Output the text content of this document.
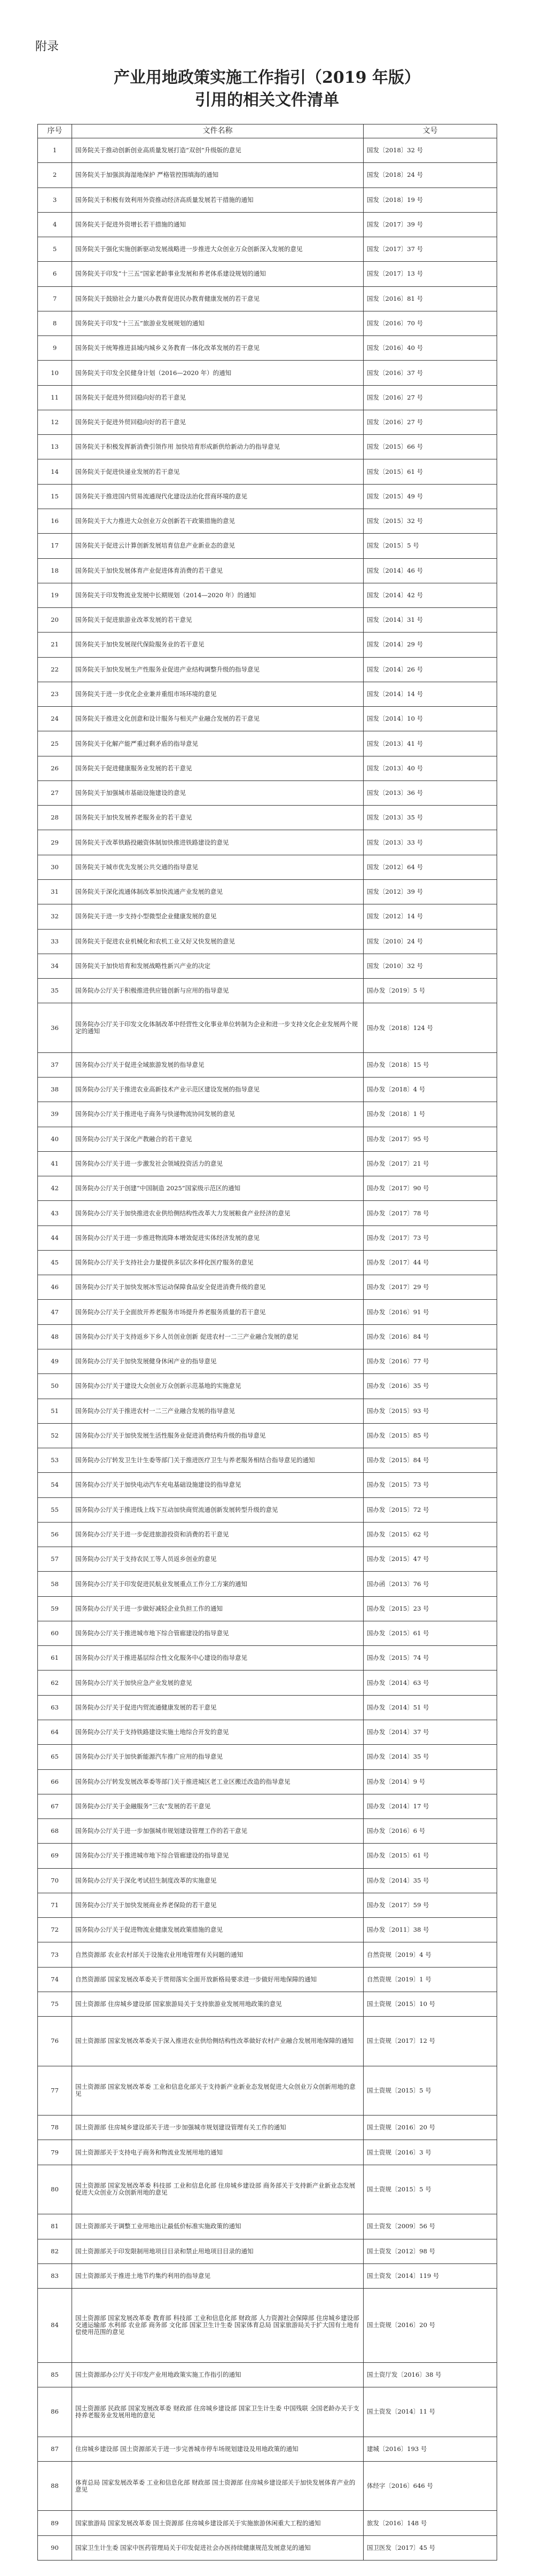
附录
产业用地政策实施工作指引（2019 年版）
引用的相关文件清单
序号	文件名称	文号
1	国务院关于推动创新创业高质量发展打造“双创”升级版的意见	国发〔2018〕32 号
2	国务院关于加强滨海湿地保护 严格管控围填海的通知	国发〔2018〕24 号
3	国务院关于积极有效利用外资推动经济高质量发展若干措施的通知	国发〔2018〕19 号
4	国务院关于促进外资增长若干措施的通知	国发〔2017〕39 号
5	国务院关于强化实施创新驱动发展战略进一步推进大众创业万众创新深入发展的意见	国发〔2017〕37 号
6	国务院关于印发“十三五”国家老龄事业发展和养老体系建设规划的通知	国发〔2017〕13 号
7	国务院关于鼓励社会力量兴办教育促进民办教育健康发展的若干意见	国发〔2016〕81 号
8	国务院关于印发“十三五”旅游业发展规划的通知	国发〔2016〕70 号
9	国务院关于统筹推进县域内城乡义务教育一体化改革发展的若干意见	国发〔2016〕40 号
10	国务院关于印发全民健身计划（2016—2020 年）的通知	国发〔2016〕37 号
11	国务院关于促进外贸回稳向好的若干意见	国发〔2016〕27 号
12	国务院关于促进外贸回稳向好的若干意见	国发〔2016〕27 号
13	国务院关于积极发挥新消费引领作用 加快培育形成新供给新动力的指导意见	国发〔2015〕66 号
14	国务院关于促进快递业发展的若干意见	国发〔2015〕61 号
15	国务院关于推进国内贸易流通现代化建设法治化营商环境的意见	国发〔2015〕49 号
16	国务院关于大力推进大众创业万众创新若干政策措施的意见	国发〔2015〕32 号
17	国务院关于促进云计算创新发展培育信息产业新业态的意见	国发〔2015〕5 号
18	国务院关于加快发展体育产业促进体育消费的若干意见	国发〔2014〕46 号
19	国务院关于印发物流业发展中长期规划（2014—2020 年）的通知	国发〔2014〕42 号
20	国务院关于促进旅游业改革发展的若干意见	国发〔2014〕31 号
21	国务院关于加快发展现代保险服务业的若干意见	国发〔2014〕29 号
22	国务院关于加快发展生产性服务业促进产业结构调整升级的指导意见	国发〔2014〕26 号
23	国务院关于进一步优化企业兼并重组市场环境的意见	国发〔2014〕14 号
24	国务院关于推进文化创意和设计服务与相关产业融合发展的若干意见	国发〔2014〕10 号
25	国务院关于化解产能严重过剩矛盾的指导意见	国发〔2013〕41 号
26	国务院关于促进健康服务业发展的若干意见	国发〔2013〕40 号
27	国务院关于加强城市基础设施建设的意见	国发〔2013〕36 号
28	国务院关于加快发展养老服务业的若干意见	国发〔2013〕35 号
29	国务院关于改革铁路投融资体制加快推进铁路建设的意见	国发〔2013〕33 号
30	国务院关于城市优先发展公共交通的指导意见	国发〔2012〕64 号
31	国务院关于深化流通体制改革加快流通产业发展的意见	国发〔2012〕39 号
32	国务院关于进一步支持小型微型企业健康发展的意见	国发〔2012〕14 号
33	国务院关于促进农业机械化和农机工业又好又快发展的意见	国发〔2010〕24 号
34	国务院关于加快培育和发展战略性新兴产业的决定	国发〔2010〕32 号
35	国务院办公厅关于积极推进供应链创新与应用的指导意见	国办发〔2019〕5 号
36	国务院办公厅关于印发文化体制改革中经营性文化事业单位转制为企业和进一步支持文化企业发展两个规定的通知	国办发〔2018〕124 号
37	国务院办公厅关于促进全域旅游发展的指导意见	国办发〔2018〕15 号
38	国务院办公厅关于推进农业高新技术产业示范区建设发展的指导意见	国办发〔2018〕4 号
39	国务院办公厅关于推进电子商务与快递物流协同发展的意见	国办发〔2018〕1 号
40	国务院办公厅关于深化产教融合的若干意见	国办发〔2017〕95 号
41	国务院办公厅关于进一步激发社会领域投资活力的意见	国办发〔2017〕21 号
42	国务院办公厅关于创建“中国制造 2025”国家级示范区的通知	国办发〔2017〕90 号
43	国务院办公厅关于加快推进农业供给侧结构性改革大力发展粮食产业经济的意见	国办发〔2017〕78 号
44	国务院办公厅关于进一步推进物流降本增效促进实体经济发展的意见	国办发〔2017〕73 号
45	国务院办公厅关于支持社会力量提供多层次多样化医疗服务的意见	国办发〔2017〕44 号
46	国务院办公厅关于加快发展冰雪运动保障食品安全促进消费升级的意见	国办发〔2017〕29 号
47	国务院办公厅关于全面放开养老服务市场提升养老服务质量的若干意见	国办发〔2016〕91 号
48	国务院办公厅关于支持返乡下乡人员创业创新 促进农村一二三产业融合发展的意见	国办发〔2016〕84 号
49	国务院办公厅关于加快发展健身休闲产业的指导意见	国办发〔2016〕77 号
50	国务院办公厅关于建设大众创业万众创新示范基地的实施意见	国办发〔2016〕35 号
51	国务院办公厅关于推进农村一二三产业融合发展的指导意见	国办发〔2015〕93 号
52	国务院办公厅关于加快发展生活性服务业促进消费结构升级的指导意见	国办发〔2015〕85 号
53	国务院办公厅转发卫生计生委等部门关于推进医疗卫生与养老服务相结合指导意见的通知	国办发〔2015〕84 号
54	国务院办公厅关于加快电动汽车充电基础设施建设的指导意见	国办发〔2015〕73 号
55	国务院办公厅关于推进线上线下互动加快商贸流通创新发展转型升级的意见	国办发〔2015〕72 号
56	国务院办公厅关于进一步促进旅游投资和消费的若干意见	国办发〔2015〕62 号
57	国务院办公厅关于支持农民工等人员返乡创业的意见	国办发〔2015〕47 号
58	国务院办公厅关于印发促进民航业发展重点工作分工方案的通知	国办函〔2013〕76 号
59	国务院办公厅关于进一步做好减轻企业负担工作的通知	国办发〔2015〕23 号
60	国务院办公厅关于推进城市地下综合管廊建设的指导意见	国办发〔2015〕61 号
61	国务院办公厅关于推进基层综合性文化服务中心建设的指导意见	国办发〔2015〕74 号
62	国务院办公厅关于加快应急产业发展的意见	国办发〔2014〕63 号
63	国务院办公厅关于促进内贸流通健康发展的若干意见	国办发〔2014〕51 号
64	国务院办公厅关于支持铁路建设实施土地综合开发的意见	国办发〔2014〕37 号
65	国务院办公厅关于加快新能源汽车推广应用的指导意见	国办发〔2014〕35 号
66	国务院办公厅转发发展改革委等部门关于推进城区老工业区搬迁改造的指导意见	国办发〔2014〕9 号
67	国务院办公厅关于金融服务“三农”发展的若干意见	国办发〔2014〕17 号
68	国务院办公厅关于进一步加强城市规划建设管理工作的若干意见	国办发〔2016〕6 号
69	国务院办公厅关于推进城市地下综合管廊建设的指导意见	国办发〔2015〕61 号
70	国务院办公厅关于深化考试招生制度改革的实施意见	国办发〔2014〕35 号
71	国务院办公厅关于加快发展商业养老保险的若干意见	国办发〔2017〕59 号
72	国务院办公厅关于促进物流业健康发展政策措施的意见	国办发〔2011〕38 号
73	自然资源部 农业农村部关于设施农业用地管理有关问题的通知	自然资规〔2019〕4 号
74	自然资源部 国家发展改革委关于贯彻落实全面开放新格局要求进一步做好用地保障的通知	自然资规〔2019〕1 号
75	国土资源部 住房城乡建设部 国家旅游局关于支持旅游业发展用地政策的意见	国土资规〔2015〕10 号
76	国土资源部 国家发展改革委关于深入推进农业供给侧结构性改革做好农村产业融合发展用地保障的通知	国土资规〔2017〕12 号
77	国土资源部 国家发展改革委 工业和信息化部关于支持新产业新业态发展促进大众创业万众创新用地的意见	国土资规〔2015〕5 号
78	国土资源部 住房城乡建设部关于进一步加强城市规划建设管理有关工作的通知	国土资规〔2016〕20 号
79	国土资源部关于支持电子商务和物流业发展用地的通知	国土资规〔2016〕3 号
80	国土资源部 国家发展改革委 科技部 工业和信息化部 住房城乡建设部 商务部关于支持新产业新业态发展促进大众创业万众创新用地的意见	国土资规〔2015〕5 号
81	国土资源部关于调整工业用地出让最低价标准实施政策的通知	国土资发〔2009〕56 号
82	国土资源部关于印发限制用地项目目录和禁止用地项目目录的通知	国土资发〔2012〕98 号
83	国土资源部关于推进土地节约集约利用的指导意见	国土资发〔2014〕119 号
84	国土资源部 国家发展改革委 教育部 科技部 工业和信息化部 财政部 人力资源社会保障部 住房城乡建设部 交通运输部 水利部 农业部 商务部 文化部 国家卫生计生委 国家体育总局 国家旅游局关于扩大国有土地有偿使用范围的意见	国土资规〔2016〕20 号
85	国土资源部办公厅关于印发产业用地政策实施工作指引的通知	国土资厅发〔2016〕38 号
86	国土资源部 民政部 国家发展改革委 财政部 住房城乡建设部 国家卫生计生委 中国残联 全国老龄办关于支持养老服务业发展用地的意见	国土资发〔2014〕11 号
87	住房城乡建设部 国土资源部关于进一步完善城市停车场规划建设及用地政策的通知	建城〔2016〕193 号
88	体育总局 国家发展改革委 工业和信息化部 财政部 国土资源部 住房城乡建设部关于加快发展体育产业的意见	体经字〔2016〕646 号
89	国家旅游局 国家发展改革委 国土资源部 住房城乡建设部关于实施旅游休闲重大工程的通知	旅发〔2016〕148 号
90	国家卫生计生委 国家中医药管理局关于印发促进社会办医持续健康规范发展意见的通知	国卫医发〔2017〕45 号
